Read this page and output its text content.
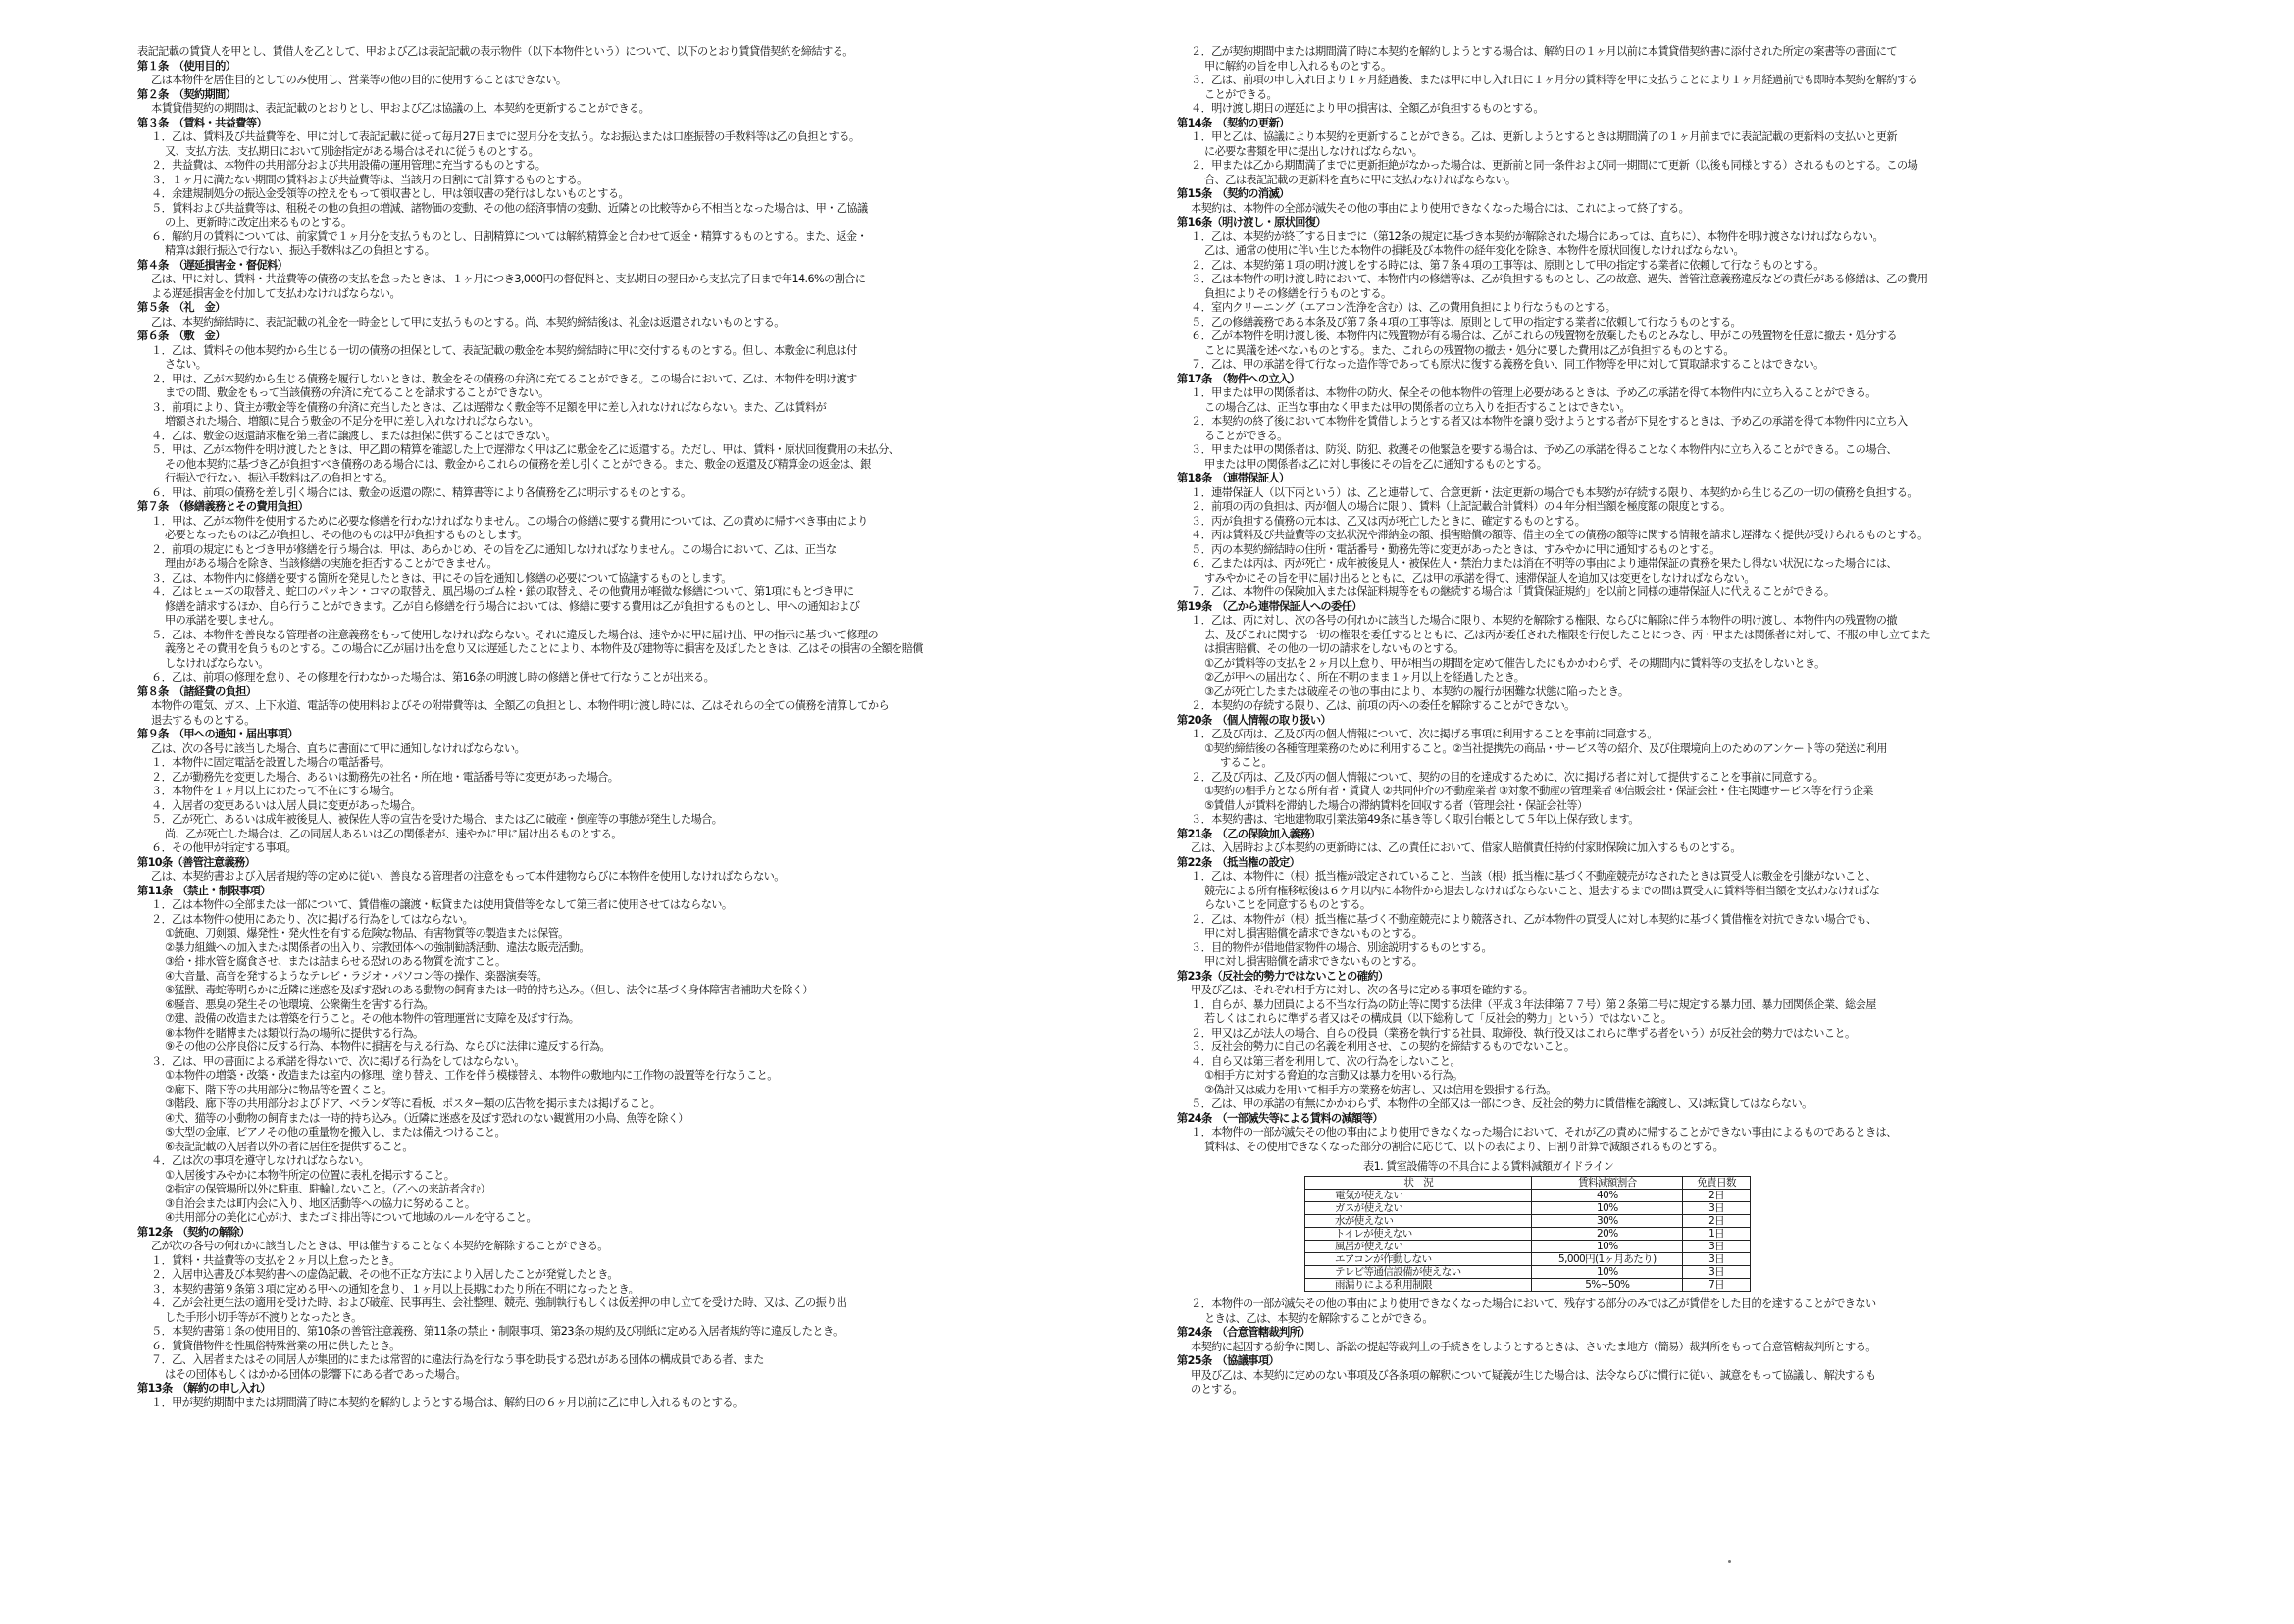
表記記載の賃貸人を甲とし、賃借人を乙として、甲および乙は表記記載の表示物件（以下本物件という）について、以下のとおり賃貸借契約を締結する。
第１条　（使用目的）
乙は本物件を居住目的としてのみ使用し、営業等の他の目的に使用することはできない。
第２条　（契約期間）
本賃貸借契約の期間は、表記記載のとおりとし、甲および乙は協議の上、本契約を更新することができる。
第３条　（賃料・共益費等）
１．乙は、賃料及び共益費等を、甲に対して表記記載に従って毎月27日までに翌月分を支払う。なお振込または口座振替の手数料等は乙の負担とする。
又、支払方法、支払期日において別途指定がある場合はそれに従うものとする。
２．共益費は、本物件の共用部分および共用設備の運用管理に充当するものとする。
３．１ヶ月に満たない期間の賃料および共益費等は、当該月の日割にて計算するものとする。
４．余建規制処分の振込金受領等の控えをもって領収書とし、甲は領収書の発行はしないものとする。
５．賃料および共益費等は、租税その他の負担の増減、諸物価の変動、その他の経済事情の変動、近隣との比較等から不相当となった場合は、甲・乙協議
の上、更新時に改定出来るものとする。
６．解約月の賃料については、前家賃で１ヶ月分を支払うものとし、日割精算については解約精算金と合わせて返金・精算するものとする。また、返金・
精算は銀行振込で行ない、振込手数料は乙の負担とする。
第４条　（遅延損害金・督促料）
乙は、甲に対し、賃料・共益費等の債務の支払を怠ったときは、１ヶ月につき3,000円の督促料と、支払期日の翌日から支払完了日まで年14.6%の割合に
よる遅延損害金を付加して支払わなければならない。
第５条　（礼　金）
乙は、本契約締結時に、表記記載の礼金を一時金として甲に支払うものとする。尚、本契約締結後は、礼金は返還されないものとする。
第６条　（敷　金）
１．乙は、賃料その他本契約から生じる一切の債務の担保として、表記記載の敷金を本契約締結時に甲に交付するものとする。但し、本敷金に利息は付
さない。
２．甲は、乙が本契約から生じる債務を履行しないときは、敷金をその債務の弁済に充てることができる。この場合において、乙は、本物件を明け渡す
までの間、敷金をもって当該債務の弁済に充てることを請求することができない。
３．前項により、貸主が敷金等を債務の弁済に充当したときは、乙は遅滞なく敷金等不足額を甲に差し入れなければならない。また、乙は賃料が
増額された場合、増額に見合う敷金の不足分を甲に差し入れなければならない。
４．乙は、敷金の返還請求権を第三者に譲渡し、または担保に供することはできない。
５．甲は、乙が本物件を明け渡したときは、甲乙間の精算を確認した上で遅滞なく甲は乙に敷金を乙に返還する。ただし、甲は、賃料・原状回復費用の未払分、
その他本契約に基づき乙が負担すべき債務のある場合には、敷金からこれらの債務を差し引くことができる。また、敷金の返還及び精算金の返金は、銀
行振込で行ない、振込手数料は乙の負担とする。
６．甲は、前項の債務を差し引く場合には、敷金の返還の際に、精算書等により各債務を乙に明示するものとする。
第７条　（修繕義務とその費用負担）
１．甲は、乙が本物件を使用するために必要な修繕を行わなければなりません。この場合の修繕に要する費用については、乙の責めに帰すべき事由により
必要となったものは乙が負担し、その他のものは甲が負担するものとします。
２．前項の規定にもとづき甲が修繕を行う場合は、甲は、あらかじめ、その旨を乙に通知しなければなりません。この場合において、乙は、正当な
理由がある場合を除き、当該修繕の実施を拒否することができません。
３．乙は、本物件内に修繕を要する箇所を発見したときは、甲にその旨を通知し修繕の必要について協議するものとします。
４．乙はヒューズの取替え、蛇口のパッキン・コマの取替え、風呂場のゴム栓・鎖の取替え、その他費用が軽微な修繕について、第1項にもとづき甲に
修繕を請求するほか、自ら行うことができます。乙が自ら修繕を行う場合においては、修繕に要する費用は乙が負担するものとし、甲への通知および
甲の承諾を要しません。
５．乙は、本物件を善良なる管理者の注意義務をもって使用しなければならない。それに違反した場合は、速やかに甲に届け出、甲の指示に基づいて修理の
義務とその費用を負うものとする。この場合に乙が届け出を怠り又は遅延したことにより、本物件及び建物等に損害を及ぼしたときは、乙はその損害の全額を賠償
しなければならない。
６．乙は、前項の修理を怠り、その修理を行わなかった場合は、第16条の明渡し時の修繕と併せて行なうことが出来る。
第８条　（諸経費の負担）
本物件の電気、ガス、上下水道、電話等の使用料およびその附帯費等は、全額乙の負担とし、本物件明け渡し時には、乙はそれらの全ての債務を清算してから
退去するものとする。
第９条　（甲への通知・届出事項）
乙は、次の各号に該当した場合、直ちに書面にて甲に通知しなければならない。
１．本物件に固定電話を設置した場合の電話番号。
２．乙が勤務先を変更した場合、あるいは勤務先の社名・所在地・電話番号等に変更があった場合。
３．本物件を１ヶ月以上にわたって不在にする場合。
４．入居者の変更あるいは入居人員に変更があった場合。
５．乙が死亡、あるいは成年被後見人、被保佐人等の宣告を受けた場合、または乙に破産・倒産等の事態が発生した場合。
尚、乙が死亡した場合は、乙の同居人あるいは乙の関係者が、速やかに甲に届け出るものとする。
６．その他甲が指定する事項。
第10条（善管注意義務）
乙は、本契約書および入居者規約等の定めに従い、善良なる管理者の注意をもって本件建物ならびに本物件を使用しなければならない。
第11条　（禁止・制限事項）
１．乙は本物件の全部または一部について、賃借権の譲渡・転貸または使用貸借等をなして第三者に使用させてはならない。
２．乙は本物件の使用にあたり、次に掲げる行為をしてはならない。
①銃砲、刀剣類、爆発性・発火性を有する危険な物品、有害物質等の製造または保管。
②暴力組織への加入または関係者の出入り、宗教団体への強制勧誘活動、違法な販売活動。
③給・排水管を腐食させ、または詰まらせる恐れのある物質を流すこと。
④大音量、高音を発するようなテレビ・ラジオ・パソコン等の操作、楽器演奏等。
⑤猛獣、毒蛇等明らかに近隣に迷惑を及ぼす恐れのある動物の飼育または一時的持ち込み。（但し、法令に基づく身体障害者補助犬を除く）
⑥騒音、悪臭の発生その他環境、公衆衛生を害する行為。
⑦建、設備の改造または増築を行うこと。その他本物件の管理運営に支障を及ぼす行為。
⑧本物件を賭博または類似行為の場所に提供する行為。
⑨その他の公序良俗に反する行為、本物件に損害を与える行為、ならびに法律に違反する行為。
３．乙は、甲の書面による承諾を得ないで、次に掲げる行為をしてはならない。
①本物件の増築・改築・改造または室内の修理、塗り替え、工作を伴う模様替え、本物件の敷地内に工作物の設置等を行なうこと。
②廊下、階下等の共用部分に物品等を置くこと。
③階段、廊下等の共用部分およびドア、ベランダ等に看板、ポスター類の広告物を掲示または掲げること。
④犬、猫等の小動物の飼育または一時的持ち込み。（近隣に迷惑を及ぼす恐れのない観賞用の小鳥、魚等を除く）
⑤大型の金庫、ピアノその他の重量物を搬入し、または備えつけること。
⑥表記記載の入居者以外の者に居住を提供すること。
４．乙は次の事項を遵守しなければならない。
①入居後すみやかに本物件所定の位置に表札を掲示すること。
②指定の保管場所以外に駐車、駐輪しないこと。（乙への来訪者含む）
③自治会または町内会に入り、地区活動等への協力に努めること。
④共用部分の美化に心がけ、またゴミ排出等について地域のルールを守ること。
第12条　（契約の解除）
乙が次の各号の何れかに該当したときは、甲は催告することなく本契約を解除することができる。
１．賃料・共益費等の支払を２ヶ月以上怠ったとき。
２．入居申込書及び本契約書への虚偽記載、その他不正な方法により入居したことが発覚したとき。
３．本契約書第９条第３項に定める甲への通知を怠り、１ヶ月以上長期にわたり所在不明になったとき。
４．乙が会社更生法の適用を受けた時、および破産、民事再生、会社整理、競売、強制執行もしくは仮差押の申し立てを受けた時、又は、乙の振り出
した手形小切手等が不渡りとなったとき。
５．本契約書第１条の使用目的、第10条の善管注意義務、第11条の禁止・制限事項、第23条の規約及び別紙に定める入居者規約等に違反したとき。
６．賃貸借物件を性風俗特殊営業の用に供したとき。
７．乙、入居者またはその同居人が集団的にまたは常習的に違法行為を行なう事を助長する恐れがある団体の構成員である者、また
はその団体もしくはかかる団体の影響下にある者であった場合。
第13条　（解約の申し入れ）
１．甲が契約期間中または期間満了時に本契約を解約しようとする場合は、解約日の６ヶ月以前に乙に申し入れるものとする。
２．乙が契約期間中または期間満了時に本契約を解約しようとする場合は、解約日の１ヶ月以前に本賃貸借契約書に添付された所定の案書等の書面にて
甲に解約の旨を申し入れるものとする。
３．乙は、前項の申し入れ日より１ヶ月経過後、または甲に申し入れ日に１ヶ月分の賃料等を甲に支払うことにより１ヶ月経過前でも即時本契約を解約する
ことができる。
４．明け渡し期日の遅延により甲の損害は、全額乙が負担するものとする。
第14条　（契約の更新）
１．甲と乙は、協議により本契約を更新することができる。乙は、更新しようとするときは期間満了の１ヶ月前までに表記記載の更新料の支払いと更新
に必要な書類を甲に提出しなければならない。
２．甲または乙から期間満了までに更新拒絶がなかった場合は、更新前と同一条件および同一期間にて更新（以後も同様とする）されるものとする。この場
合、乙は表記記載の更新料を直ちに甲に支払わなければならない。
第15条　（契約の消滅）
本契約は、本物件の全部が滅失その他の事由により使用できなくなった場合には、これによって終了する。
第16条（明け渡し・原状回復）
１．乙は、本契約が終了する日までに（第12条の規定に基づき本契約が解除された場合にあっては、直ちに）、本物件を明け渡さなければならない。
乙は、通常の使用に伴い生じた本物件の損耗及び本物件の経年変化を除き、本物件を原状回復しなければならない。
２．乙は、本契約第１項の明け渡しをする時には、第７条４項の工事等は、原則として甲の指定する業者に依頼して行なうものとする。
３．乙は本物件の明け渡し時において、本物件内の修繕等は、乙が負担するものとし、乙の故意、過失、善管注意義務違反などの責任がある修繕は、乙の費用
負担によりその修繕を行うものとする。
４．室内クリーニング（エアコン洗浄を含む）は、乙の費用負担により行なうものとする。
５．乙の修繕義務である本条及び第７条４項の工事等は、原則として甲の指定する業者に依頼して行なうものとする。
６．乙が本物件を明け渡し後、本物件内に残置物が有る場合は、乙がこれらの残置物を放棄したものとみなし、甲がこの残置物を任意に撤去・処分する
ことに異議を述べないものとする。また、これらの残置物の撤去・処分に要した費用は乙が負担するものとする。
７．乙は、甲の承諾を得て行なった造作等であっても原状に復する義務を負い、同工作物等を甲に対して買取請求することはできない。
第17条　（物件への立入）
１．甲または甲の関係者は、本物件の防火、保全その他本物件の管理上必要があるときは、予め乙の承諾を得て本物件内に立ち入ることができる。
この場合乙は、正当な事由なく甲または甲の関係者の立ち入りを拒否することはできない。
２．本契約の終了後において本物件を賃借しようとする者又は本物件を譲り受けようとする者が下見をするときは、予め乙の承諾を得て本物件内に立ち入
ることができる。
３．甲または甲の関係者は、防災、防犯、救護その他緊急を要する場合は、予め乙の承諾を得ることなく本物件内に立ち入ることができる。この場合、
甲または甲の関係者は乙に対し事後にその旨を乙に通知するものとする。
第18条　（連帯保証人）
１．連帯保証人（以下丙という）は、乙と連帯して、合意更新・法定更新の場合でも本契約が存続する限り、本契約から生じる乙の一切の債務を負担する。
２．前項の丙の負担は、丙が個人の場合に限り、賃料（上記記載合計賃料）の４年分相当額を極度額の限度とする。
３．丙が負担する債務の元本は、乙又は丙が死亡したときに、確定するものとする。
４．丙は賃料及び共益費等の支払状況や滞納金の額、損害賠償の額等、借主の全ての債務の額等に関する情報を請求し遅滞なく提供が受けられるものとする。
５．丙の本契約締結時の住所・電話番号・勤務先等に変更があったときは、すみやかに甲に通知するものとする。
６．乙または丙は、丙が死亡・成年被後見人・被保佐人・禁治力または消在不明等の事由により連帯保証の責務を果たし得ない状況になった場合には、
すみやかにその旨を甲に届け出るとともに、乙は甲の承諾を得て、速滞保証人を追加又は変更をしなければならない。
７．乙は、本物件の保険加入または保証料規等をもの継続する場合は「賃貸保証規約」を以前と同様の連帯保証人に代えることができる。
第19条　（乙から連帯保証人への委任）
１．乙は、丙に対し、次の各号の何れかに該当した場合に限り、本契約を解除する権限、ならびに解除に伴う本物件の明け渡し、本物件内の残置物の撤
去、及びこれに関する一切の権限を委任するとともに、乙は丙が委任された権限を行使したことにつき、丙・甲または関係者に対して、不服の申し立てまた
は損害賠償、その他の一切の請求をしないものとする。
①乙が賃料等の支払を２ヶ月以上怠り、甲が相当の期間を定めて催告したにもかかわらず、その期間内に賃料等の支払をしないとき。
②乙が甲への届出なく、所在不明のまま１ヶ月以上を経過したとき。
③乙が死亡したまたは破産その他の事由により、本契約の履行が困難な状態に陥ったとき。
２．本契約の存続する限り、乙は、前項の丙への委任を解除することができない。
第20条　（個人情報の取り扱い）
１．乙及び丙は、乙及び丙の個人情報について、次に掲げる事項に利用することを事前に同意する。
①契約締結後の各種管理業務のために利用すること。②当社提携先の商品・サービス等の紹介、及び住環境向上のためのアンケート等の発送に利用
すること。
２．乙及び丙は、乙及び丙の個人情報について、契約の目的を達成するために、次に掲げる者に対して提供することを事前に同意する。
①契約の相手方となる所有者・賃貸人 ②共同仲介の不動産業者 ③対象不動産の管理業者 ④信販会社・保証会社・住宅関連サービス等を行う企業
⑤賃借人が賃料を滞納した場合の滞納賃料を回収する者（管理会社・保証会社等）
３．本契約書は、宅地建物取引業法第49条に基き等しく取引台帳として５年以上保存致します。
第21条　（乙の保険加入義務）
乙は、入居時および本契約の更新時には、乙の責任において、借家人賠償責任特約付家財保険に加入するものとする。
第22条　（抵当権の設定）
１．乙は、本物件に（根）抵当権が設定されていること、当該（根）抵当権に基づく不動産競売がなされたときは買受人は敷金を引継がないこと、
競売による所有権移転後は６ケ月以内に本物件から退去しなければならないこと、退去するまでの間は買受人に賃料等相当額を支払わなければな
らないことを同意するものとする。
２．乙は、本物件が（根）抵当権に基づく不動産競売により競落され、乙が本物件の買受人に対し本契約に基づく賃借権を対抗できない場合でも、
甲に対し損害賠償を請求できないものとする。
３．目的物件が借地借家物件の場合、別途説明するものとする。
甲に対し損害賠償を請求できないものとする。
第23条（反社会的勢力ではないことの確約）
甲及び乙は、それぞれ相手方に対し、次の各号に定める事項を確約する。
１．自らが、暴力団員による不当な行為の防止等に関する法律（平成３年法律第７７号）第２条第二号に規定する暴力団、暴力団関係企業、総会屋
若しくはこれらに準ずる者又はその構成員（以下総称して「反社会的勢力」という）ではないこと。
２．甲又は乙が法人の場合、自らの役員（業務を執行する社員、取締役、執行役又はこれらに準ずる者をいう）が反社会的勢力ではないこと。
３．反社会的勢力に自己の名義を利用させ、この契約を締結するものでないこと。
４．自ら又は第三者を利用して、次の行為をしないこと。
①相手方に対する脅迫的な言動又は暴力を用いる行為。
②偽計又は威力を用いて相手方の業務を妨害し、又は信用を毀損する行為。
５．乙は、甲の承諾の有無にかかわらず、本物件の全部又は一部につき、反社会的勢力に賃借権を譲渡し、又は転貸してはならない。
第24条　（一部滅失等による賃料の減額等）
１．本物件の一部が滅失その他の事由により使用できなくなった場合において、それが乙の責めに帰することができない事由によるものであるときは、
賃料は、その使用できなくなった部分の割合に応じて、以下の表により、日割り計算で減額されるものとする。
表1. 賃室設備等の不具合による賃料減額ガイドライン
状　況	賃料減額割合	免責日数
電気が使えない	40%	2日
ガスが使えない	10%	3日
水が使えない	30%	2日
トイレが使えない	20%	1日
風呂が使えない	10%	3日
エアコンが作動しない	5,000円(1ヶ月あたり)	3日
テレビ等通信設備が使えない	10%	3日
雨漏りによる利用制限	5%~50%	7日
２．本物件の一部が滅失その他の事由により使用できなくなった場合において、残存する部分のみでは乙が賃借をした目的を達することができない
ときは、乙は、本契約を解除することができる。
第24条　（合意管轄裁判所）
本契約に起因する紛争に関し、訴訟の提起等裁判上の手続きをしようとするときは、さいたま地方（簡易）裁判所をもって合意管轄裁判所とする。
第25条　（協議事項）
甲及び乙は、本契約に定めのない事項及び各条項の解釈について疑義が生じた場合は、法令ならびに慣行に従い、誠意をもって協議し、解決するも
のとする。
